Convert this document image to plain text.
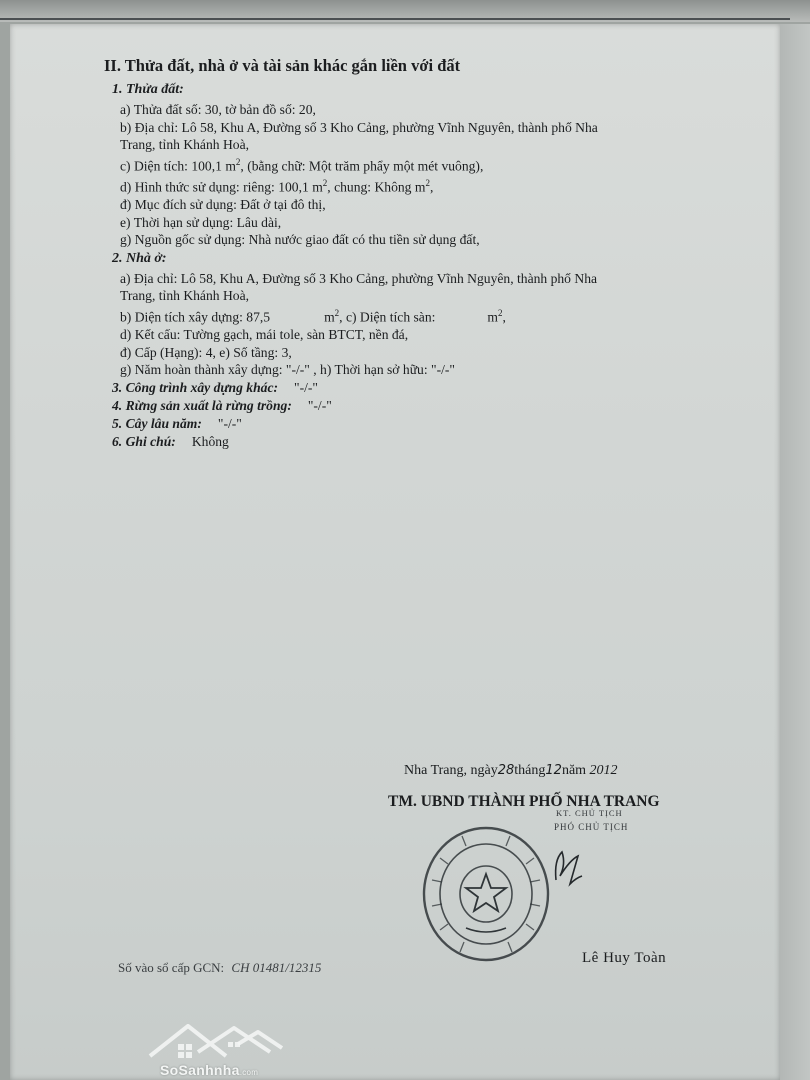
II. Thửa đất, nhà ở và tài sản khác gắn liền với đất
1. Thửa đất:
a) Thửa đất số: 30, tờ bản đồ số: 20,
b) Địa chỉ: Lô 58, Khu A, Đường số 3 Kho Cảng, phường Vĩnh Nguyên, thành phố Nha
Trang, tỉnh Khánh Hoà,
c) Diện tích: 100,1 $m^2$, (bằng chữ: Một trăm phẩy một mét vuông),
d) Hình thức sử dụng: riêng: 100,1 $m^2$, chung: Không $m^2$,
đ) Mục đích sử dụng: Đất ở tại đô thị,
e) Thời hạn sử dụng: Lâu dài,
g) Nguồn gốc sử dụng: Nhà nước giao đất có thu tiền sử dụng đất,
2. Nhà ở:
a) Địa chỉ: Lô 58, Khu A, Đường số 3 Kho Cảng, phường Vĩnh Nguyên, thành phố Nha
Trang, tỉnh Khánh Hoà,
b) Diện tích xây dựng: 87,5	$m^2$, c) Diện tích sàn:	$m^2$,
d) Kết cấu: Tường gạch, mái tole, sàn BTCT, nền đá,
đ) Cấp (Hạng): 4, e) Số tầng: 3,
g) Năm hoàn thành xây dựng: "-/-" , h) Thời hạn sở hữu: "-/-"
3. Công trình xây dựng khác: "-/-"
4. Rừng sản xuất là rừng trồng: "-/-"
5. Cây lâu năm: "-/-"
6. Ghi chú: Không
Nha Trang, ngày28tháng12năm 2012
TM. UBND THÀNH PHỐ NHA TRANG
KT. CHỦ TỊCH
PHÓ CHỦ TỊCH
Lê Huy Toàn
Số vào sổ cấp GCN: CH 01481/12315
SoSanhnha.com
